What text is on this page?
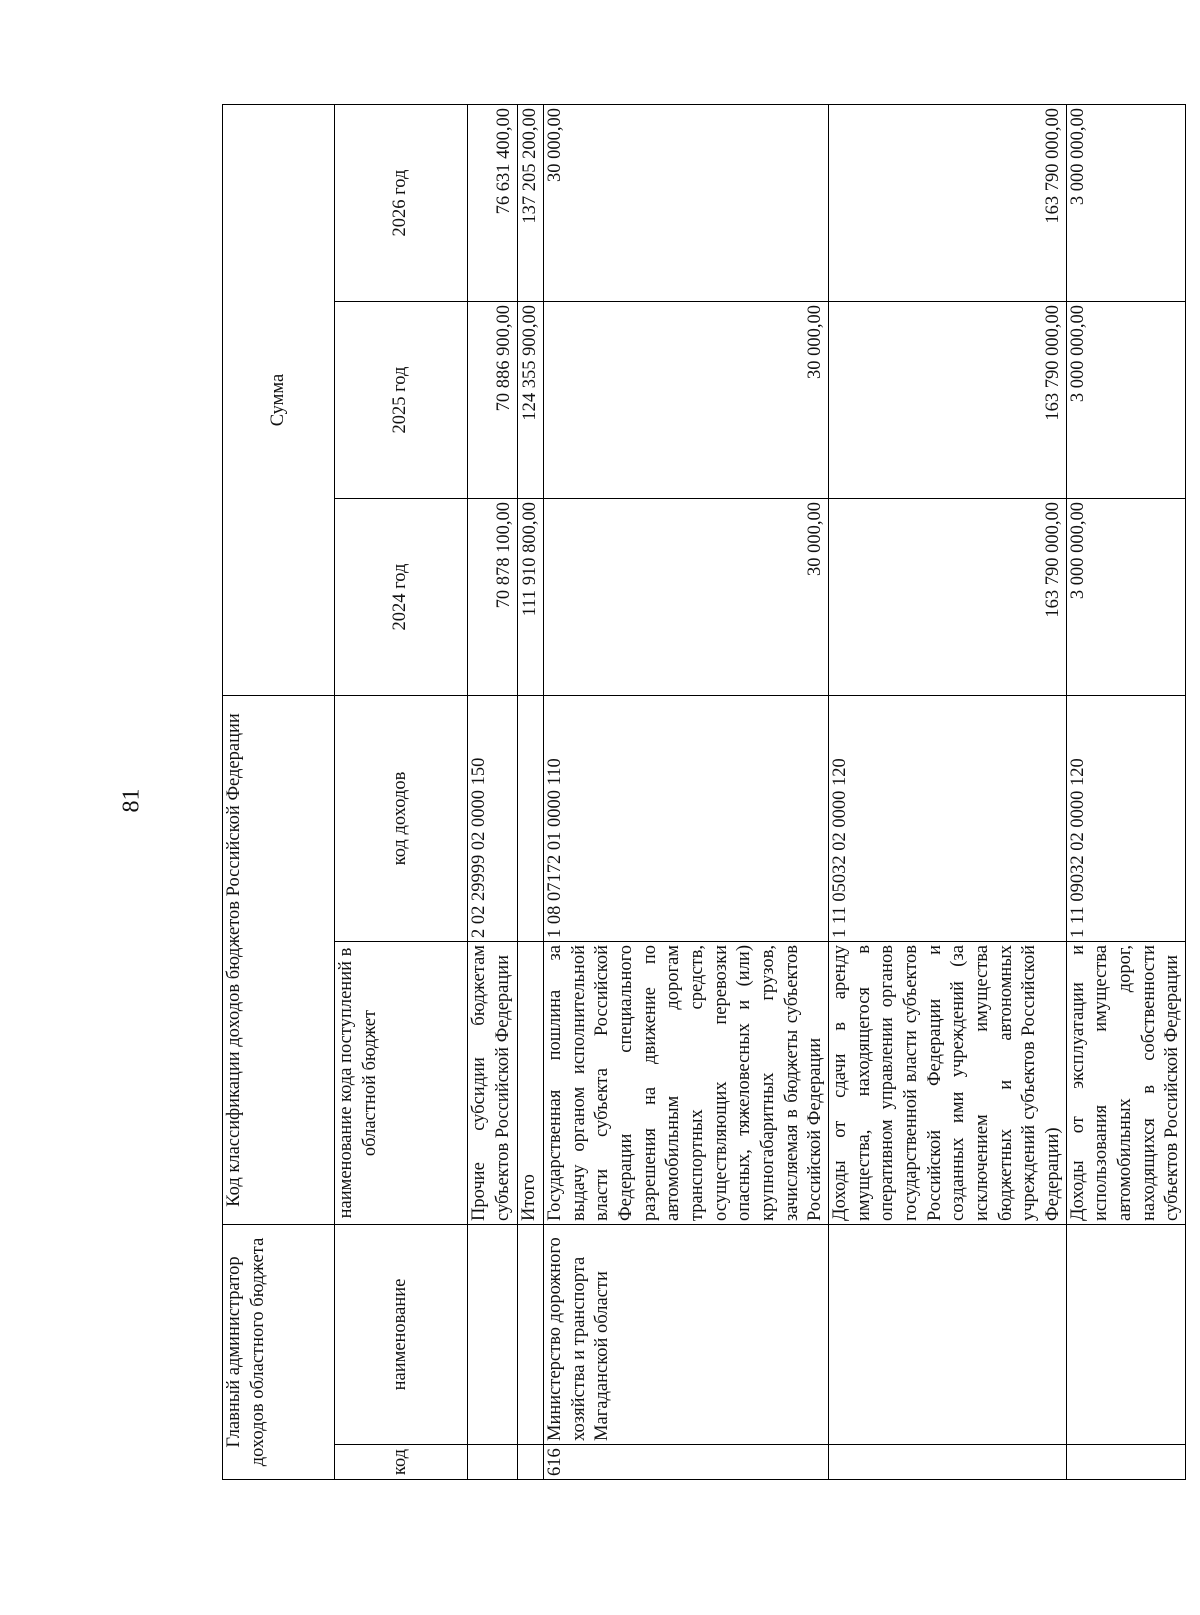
81
Главный администратор доходов областного бюджета		Код классификации доходов бюджетов Российской Федерации		Сумма		
код	наименование	наименование кода поступлений в областной бюджет	код доходов	2024 год	2025 год	2026 год
		Прочие субсидии бюджетам субъектов Российской Федерации	2 02 29999 02 0000 150	70 878 100,00	70 886 900,00	76 631 400,00
		Итого		111 910 800,00	124 355 900,00	137 205 200,00
616	Министерство дорожного хозяйства и транспорта Магаданской области	Государственная пошлина за выдачу органом исполнительной власти субъекта Российской Федерации специального разрешения на движение по автомобильным дорогам транспортных средств, осуществляющих перевозки опасных, тяжеловесных и (или) крупногабаритных грузов, зачисляемая в бюджеты субъектов Российской Федерации	1 08 07172 01 0000 110	30 000,00	30 000,00	30 000,00
		Доходы от сдачи в аренду имущества, находящегося в оперативном управлении органов государственной власти субъектов Российской Федерации и созданных ими учреждений (за исключением имущества бюджетных и автономных учреждений субъектов Российской Федерации)	1 11 05032 02 0000 120	163 790 000,00	163 790 000,00	163 790 000,00
		Доходы от эксплуатации и использования имущества автомобильных дорог, находящихся в собственности субъектов Российской Федерации	1 11 09032 02 0000 120	3 000 000,00	3 000 000,00	3 000 000,00
